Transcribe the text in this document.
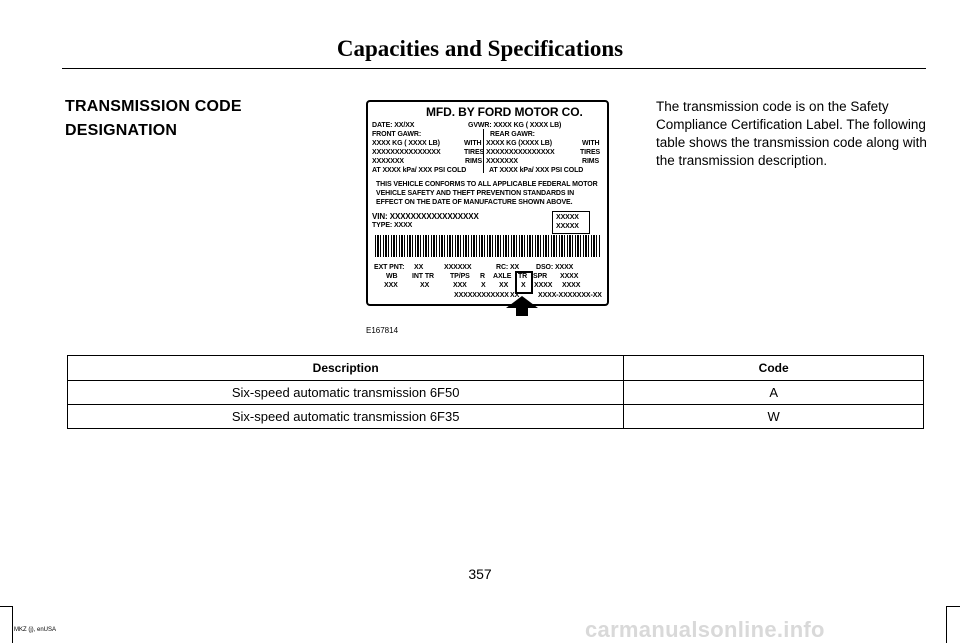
Capacities and Specifications
TRANSMISSION CODE
DESIGNATION
The transmission code is on the Safety Compliance Certification Label. The following table shows the transmission code along with the transmission description.
MFD. BY FORD MOTOR CO.
DATE: XX/XX	GVWR: XXXX KG ( XXXX LB)
FRONT GAWR:	REAR GAWR:
XXXX KG ( XXXX LB)	WITH XXXX KG (XXXX LB)	WITH
XXXXXXXXXXXXXXX	TIRES XXXXXXXXXXXXXXX	TIRES
XXXXXXX	RIMS XXXXXXX	RIMS
AT XXXX kPa/ XXX PSI COLD	AT XXXX kPa/ XXX PSI COLD
THIS VEHICLE CONFORMS TO ALL APPLICABLE FEDERAL MOTOR
VEHICLE SAFETY AND THEFT PREVENTION STANDARDS IN
EFFECT ON THE DATE OF MANUFACTURE SHOWN ABOVE.
VIN: XXXXXXXXXXXXXXXXX
TYPE: XXXX
XXXXX
XXXXX
EXT PNT: XX	XXXXXX	RC: XX DSO: XXXX
WB INT TR TP/PS R AXLE TR SPR XXXX
XXX	XX	XXX X XX X XXXX XXXX
XXXXXXXXXXXX XX	XXXX-XXXXXXX-XX
E167814
Description	Code
Six-speed automatic transmission 6F50	A
Six-speed automatic transmission 6F35	W
357
MKZ (j), enUSA	carmanualsonline.info
